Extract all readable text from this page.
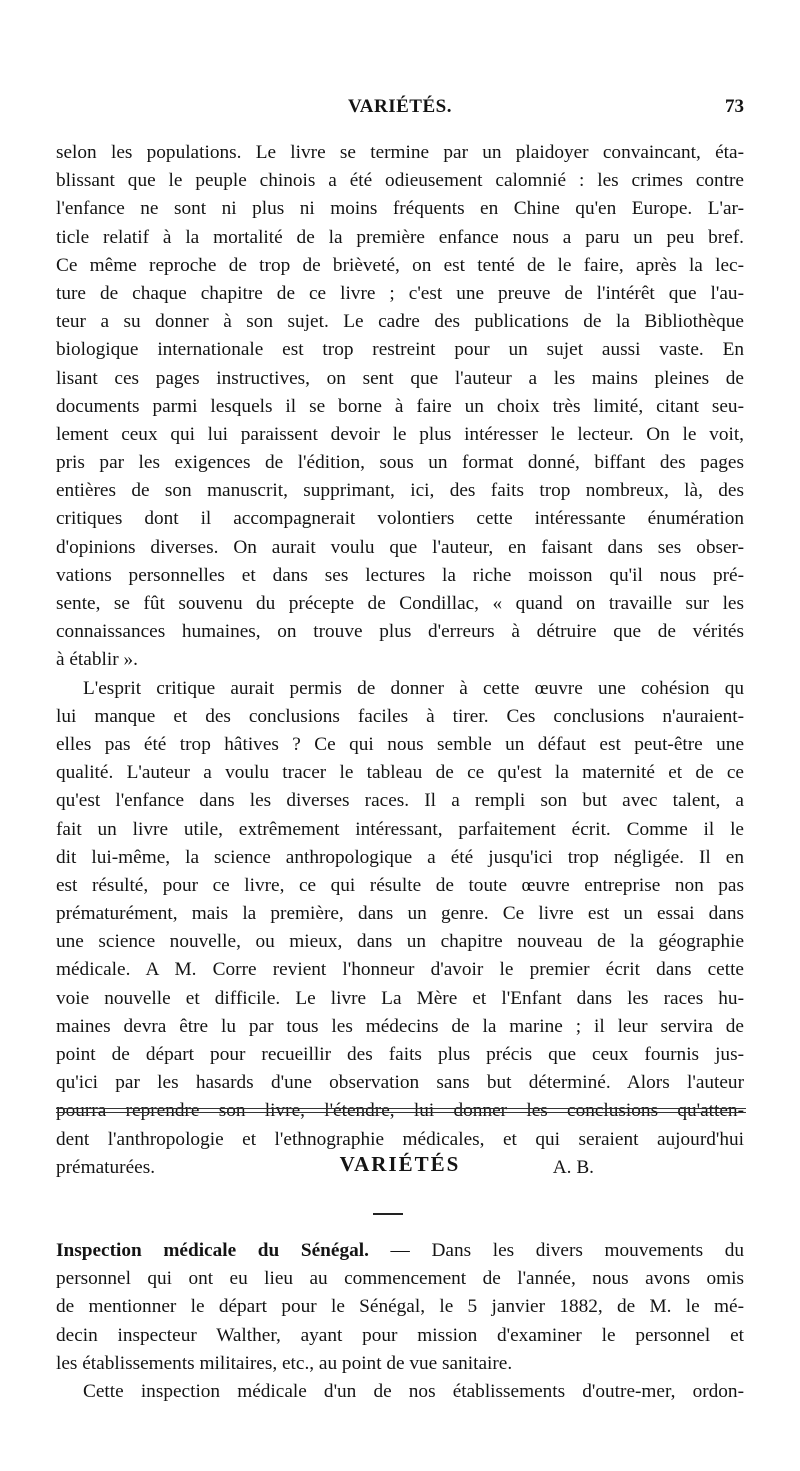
VARIÉTÉS.	73
selon les populations. Le livre se termine par un plaidoyer convaincant, éta-
blissant que le peuple chinois a été odieusement calomnié : les crimes contre
l'enfance ne sont ni plus ni moins fréquents en Chine qu'en Europe. L'ar-
ticle relatif à la mortalité de la première enfance nous a paru un peu bref.
Ce même reproche de trop de brièveté, on est tenté de le faire, après la lec-
ture de chaque chapitre de ce livre ; c'est une preuve de l'intérêt que l'au-
teur a su donner à son sujet. Le cadre des publications de la Bibliothèque
biologique internationale est trop restreint pour un sujet aussi vaste. En
lisant ces pages instructives, on sent que l'auteur a les mains pleines de
documents parmi lesquels il se borne à faire un choix très limité, citant seu-
lement ceux qui lui paraissent devoir le plus intéresser le lecteur. On le voit,
pris par les exigences de l'édition, sous un format donné, biffant des pages
entières de son manuscrit, supprimant, ici, des faits trop nombreux, là, des
critiques dont il accompagnerait volontiers cette intéressante énumération
d'opinions diverses. On aurait voulu que l'auteur, en faisant dans ses obser-
vations personnelles et dans ses lectures la riche moisson qu'il nous pré-
sente, se fût souvenu du précepte de Condillac, « quand on travaille sur les
connaissances humaines, on trouve plus d'erreurs à détruire que de vérités
à établir ».
L'esprit critique aurait permis de donner à cette œuvre une cohésion qu
lui manque et des conclusions faciles à tirer. Ces conclusions n'auraient-
elles pas été trop hâtives ? Ce qui nous semble un défaut est peut-être une
qualité. L'auteur a voulu tracer le tableau de ce qu'est la maternité et de ce
qu'est l'enfance dans les diverses races. Il a rempli son but avec talent, a
fait un livre utile, extrêmement intéressant, parfaitement écrit. Comme il le
dit lui-même, la science anthropologique a été jusqu'ici trop négligée. Il en
est résulté, pour ce livre, ce qui résulte de toute œuvre entreprise non pas
prématurément, mais la première, dans un genre. Ce livre est un essai dans
une science nouvelle, ou mieux, dans un chapitre nouveau de la géographie
médicale. A M. Corre revient l'honneur d'avoir le premier écrit dans cette
voie nouvelle et difficile. Le livre La Mère et l'Enfant dans les races hu-
maines devra être lu par tous les médecins de la marine ; il leur servira de
point de départ pour recueillir des faits plus précis que ceux fournis jus-
qu'ici par les hasards d'une observation sans but déterminé. Alors l'auteur
pourra reprendre son livre, l'étendre, lui donner les conclusions qu'atten-
dent l'anthropologie et l'ethnographie médicales, et qui seraient aujourd'hui
prématurées.	A. B.
VARIÉTÉS
Inspection médicale du Sénégal. — Dans les divers mouvements du
personnel qui ont eu lieu au commencement de l'année, nous avons omis
de mentionner le départ pour le Sénégal, le 5 janvier 1882, de M. le mé-
decin inspecteur Walther, ayant pour mission d'examiner le personnel et
les établissements militaires, etc., au point de vue sanitaire.
Cette inspection médicale d'un de nos établissements d'outre-mer, ordon-
